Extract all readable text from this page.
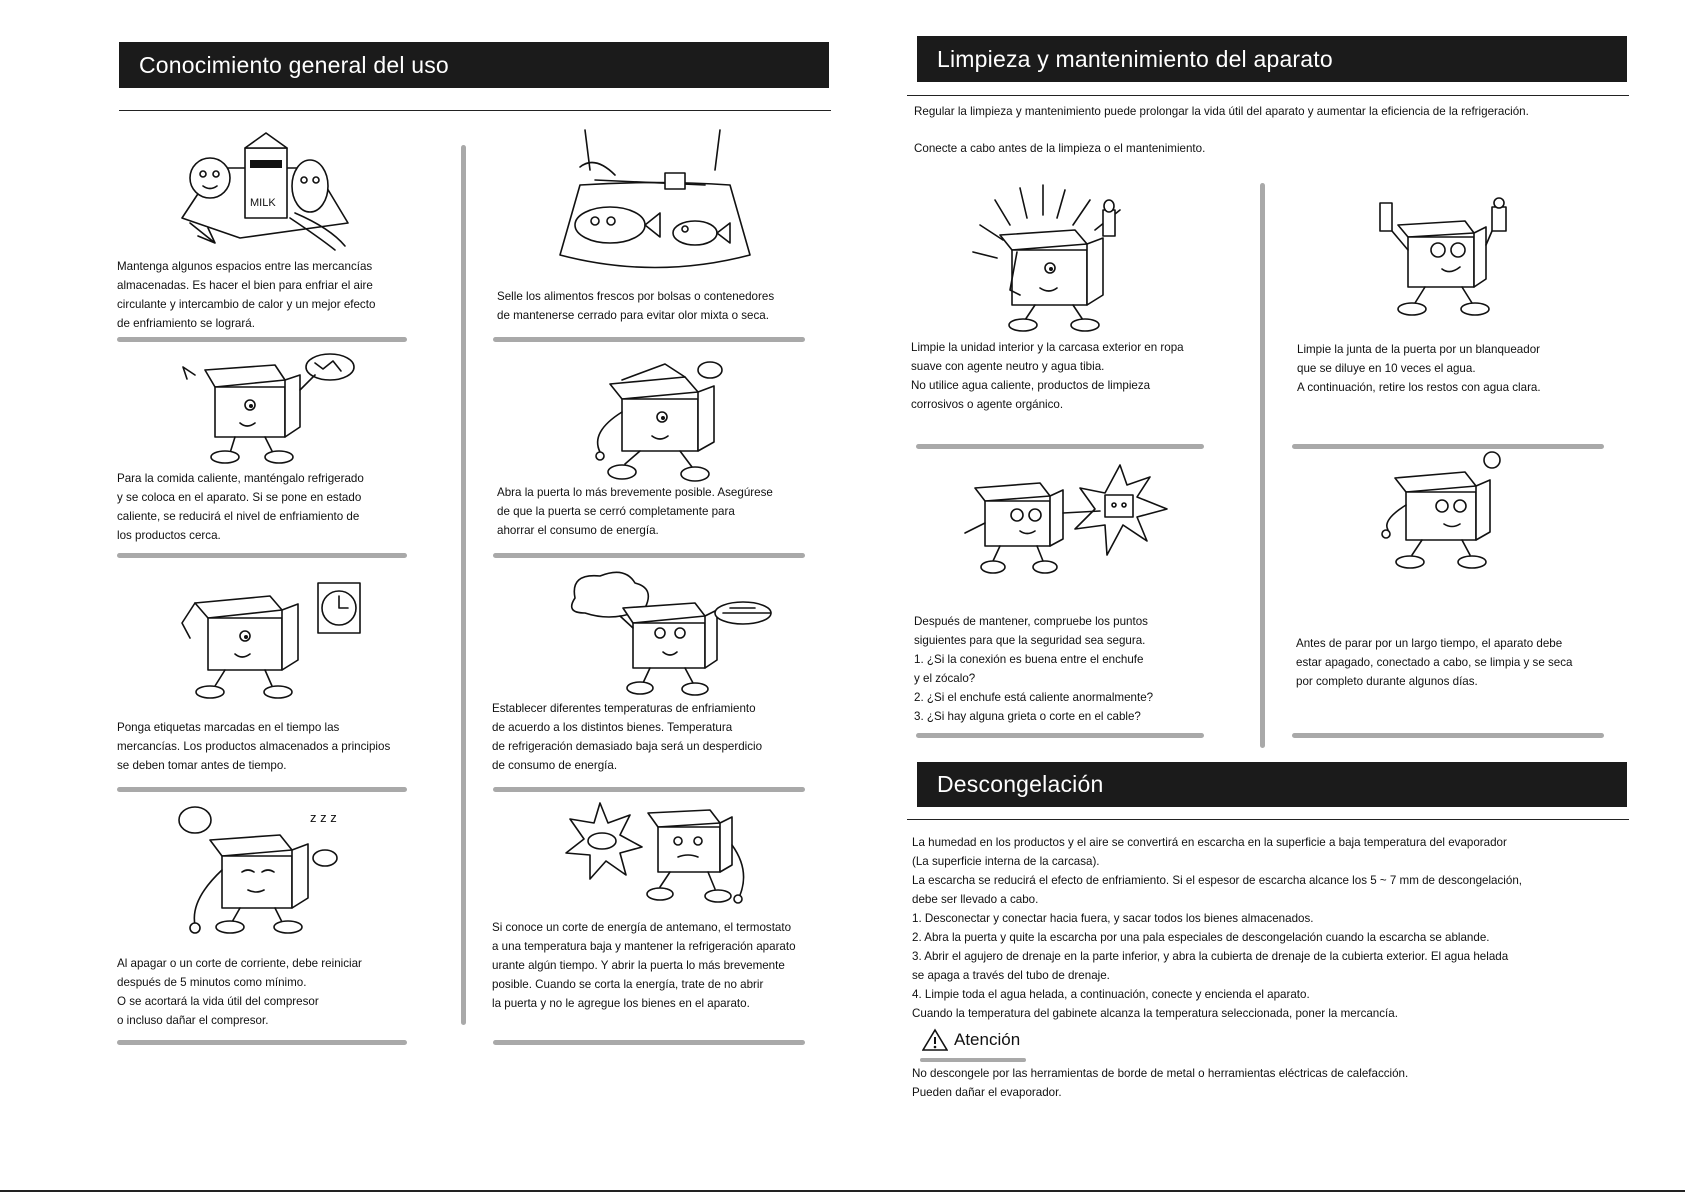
Conocimiento general del uso
MILK
Mantenga algunos espacios entre las mercancías
almacenadas. Es hacer el bien para enfriar el aire
circulante y intercambio de calor y un mejor efecto
de enfriamiento se logrará.
Para la comida caliente, manténgalo refrigerado
y se coloca en el aparato. Si se pone en estado
caliente, se reducirá el nivel de enfriamiento de
los productos cerca.
Ponga etiquetas marcadas en el tiempo las
mercancías. Los productos almacenados a principios
se deben tomar antes de tiempo.
z z z
Al apagar o un corte de corriente, debe reiniciar
después de 5 minutos como mínimo.
O se acortará la vida útil del compresor
o incluso dañar el compresor.
Selle los alimentos frescos por bolsas o contenedores
de mantenerse cerrado para evitar olor mixta o seca.
Abra la puerta lo más brevemente posible. Asegúrese
de que la puerta se cerró completamente para
ahorrar el consumo de energía.
Establecer diferentes temperaturas de enfriamiento
de acuerdo a los distintos bienes. Temperatura
de refrigeración demasiado baja será un desperdicio
de consumo de energía.
Si conoce un corte de energía de antemano, el termostato
a una temperatura baja y mantener la refrigeración aparato
urante algún tiempo. Y abrir la puerta lo más brevemente
posible. Cuando se corta la energía, trate de no abrir
la puerta y no le agregue los bienes en el aparato.
Limpieza y mantenimiento del aparato
Regular la limpieza y mantenimiento puede prolongar la vida útil del aparato y aumentar la eficiencia de la refrigeración.
Conecte a cabo antes de la limpieza o el mantenimiento.
Limpie la unidad interior y la carcasa exterior en ropa
suave con agente neutro y agua tibia.
No utilice agua caliente, productos de limpieza
corrosivos o agente orgánico.
Después de mantener, compruebe los puntos
siguientes para que la seguridad sea segura.
1. ¿Si la conexión es buena entre el enchufe
y el zócalo?
2. ¿Si el enchufe está caliente anormalmente?
3. ¿Si hay alguna grieta o corte en el cable?
Limpie la junta de la puerta por un blanqueador
que se diluye en 10 veces el agua.
A continuación, retire los restos con agua clara.
Antes de parar por un largo tiempo, el aparato debe
estar apagado, conectado a cabo, se limpia y se seca
por completo durante algunos días.
Descongelación
La humedad en los productos y el aire se convertirá en escarcha en la superficie a baja temperatura del evaporador
(La superficie interna de la carcasa).
La escarcha se reducirá el efecto de enfriamiento. Si el espesor de escarcha alcance los 5 ~ 7 mm de descongelación,
debe ser llevado a cabo.
1. Desconectar y conectar hacia fuera, y sacar todos los bienes almacenados.
2. Abra la puerta y quite la escarcha por una pala especiales de descongelación cuando la escarcha se ablande.
3. Abrir el agujero de drenaje en la parte inferior, y abra la cubierta de drenaje de la cubierta exterior. El agua helada
se apaga a través del tubo de drenaje.
4. Limpie toda el agua helada, a continuación, conecte y encienda el aparato.
Cuando la temperatura del gabinete alcanza la temperatura seleccionada, poner la mercancía.
Atención
No descongele por las herramientas de borde de metal o herramientas eléctricas de calefacción.
Pueden dañar el evaporador.
